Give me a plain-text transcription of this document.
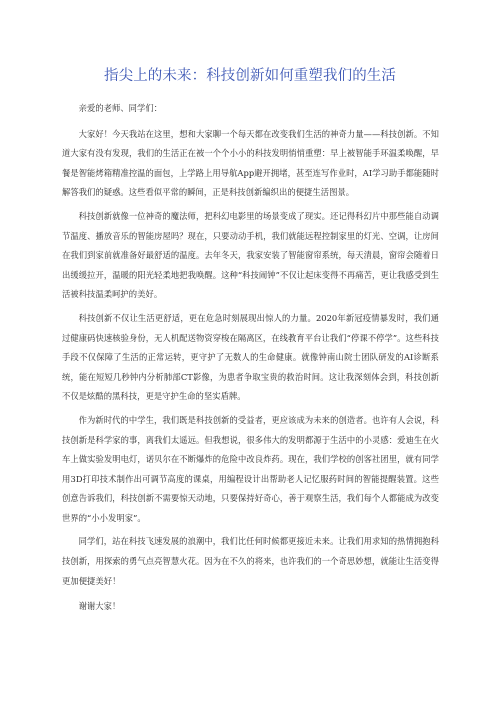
指尖上的未来：科技创新如何重塑我们的生活

亲爱的老师、同学们：

大家好！今天我站在这里，想和大家聊一个每天都在改变我们生活的神奇力量——科技创新。不知道大家有没有发现，我们的生活正在被一个个小小的科技发明悄悄重塑：早上被智能手环温柔唤醒，早餐是智能烤箱精准控温的面包，上学路上用导航App避开拥堵，甚至连写作业时，AI学习助手都能随时解答我们的疑惑。这些看似平常的瞬间，正是科技创新编织出的便捷生活图景。

科技创新就像一位神奇的魔法师，把科幻电影里的场景变成了现实。还记得科幻片中那些能自动调节温度、播放音乐的智能房屋吗？现在，只要动动手机，我们就能远程控制家里的灯光、空调，让房间在我们到家前就准备好最舒适的温度。去年冬天，我家安装了智能窗帘系统，每天清晨，窗帘会随着日出缓缓拉开，温暖的阳光轻柔地把我唤醒。这种“科技闹钟”不仅让起床变得不再痛苦，更让我感受到生活被科技温柔呵护的美好。

科技创新不仅让生活更舒适，更在危急时刻展现出惊人的力量。2020年新冠疫情暴发时，我们通过健康码快速核验身份，无人机配送物资穿梭在隔离区，在线教育平台让我们“停课不停学”。这些科技手段不仅保障了生活的正常运转，更守护了无数人的生命健康。就像钟南山院士团队研发的AI诊断系统，能在短短几秒钟内分析肺部CT影像，为患者争取宝贵的救治时间。这让我深刻体会到，科技创新不仅是炫酷的黑科技，更是守护生命的坚实盾牌。

作为新时代的中学生，我们既是科技创新的受益者，更应该成为未来的创造者。也许有人会说，科技创新是科学家的事，离我们太遥远。但我想说，很多伟大的发明都源于生活中的小灵感：爱迪生在火车上做实验发明电灯，诺贝尔在不断爆炸的危险中改良炸药。现在，我们学校的创客社团里，就有同学用3D打印技术制作出可调节高度的课桌，用编程设计出帮助老人记忆服药时间的智能提醒装置。这些创意告诉我们，科技创新不需要惊天动地，只要保持好奇心，善于观察生活，我们每个人都能成为改变世界的“小小发明家”。

同学们，站在科技飞速发展的浪潮中，我们比任何时候都更接近未来。让我们用求知的热情拥抱科技创新，用探索的勇气点亮智慧火花。因为在不久的将来，也许我们的一个奇思妙想，就能让生活变得更加便捷美好！

谢谢大家！
